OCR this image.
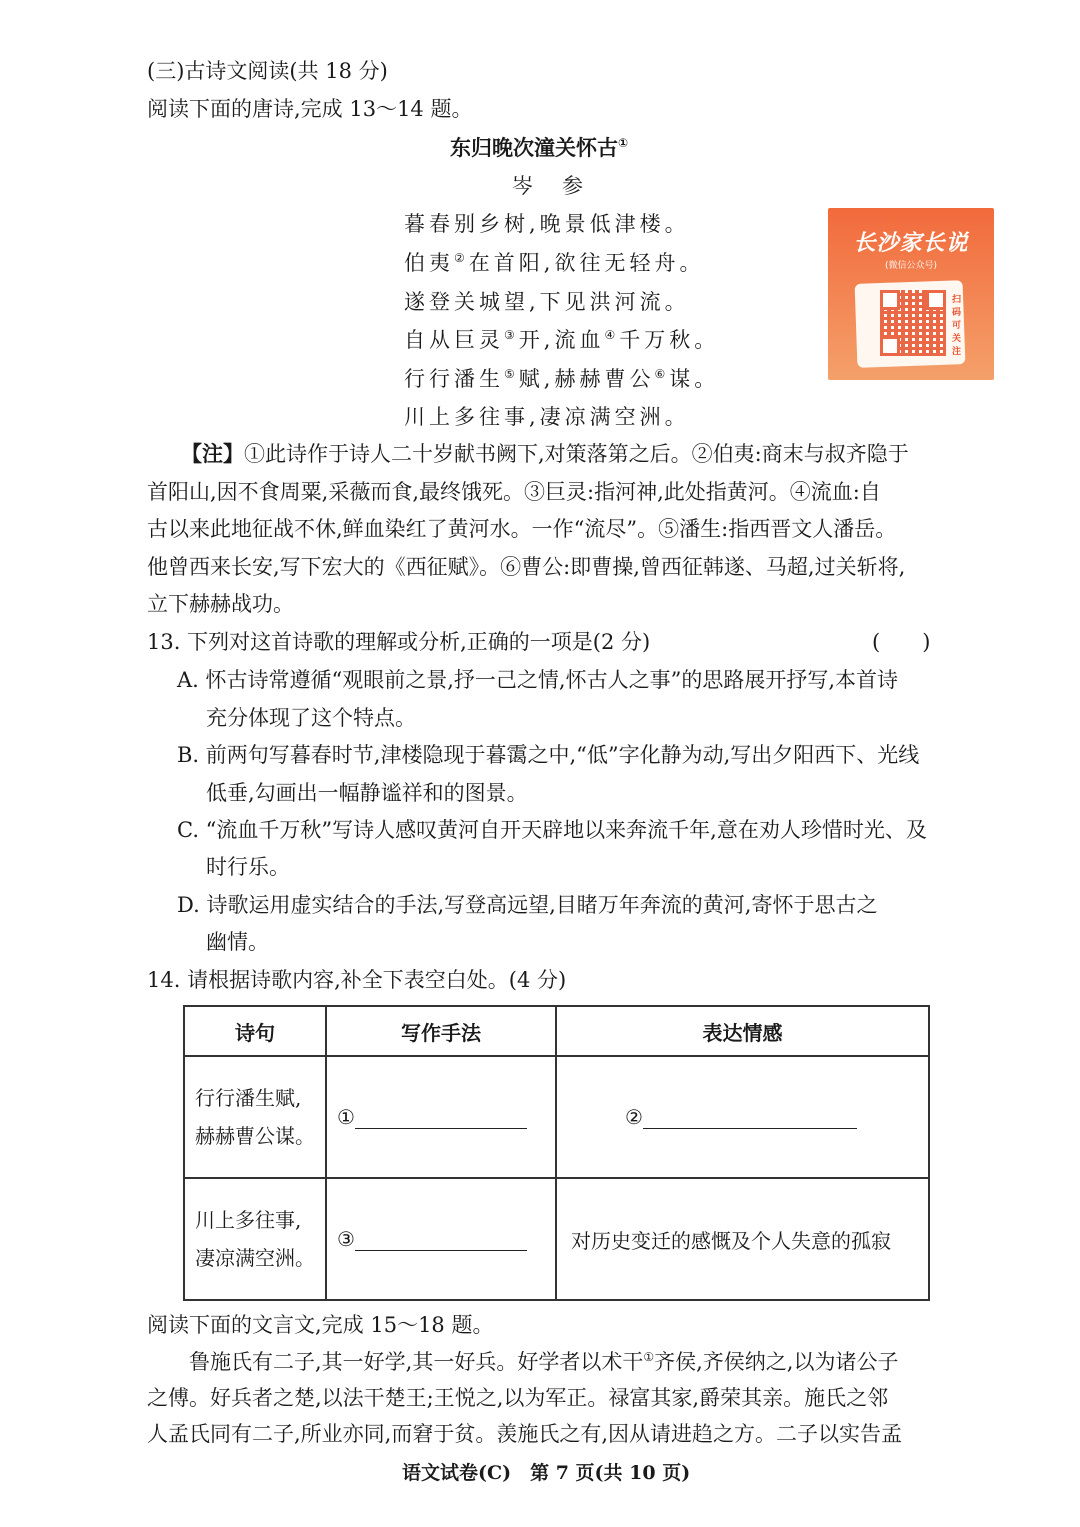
(三)古诗文阅读(共 18 分)
阅读下面的唐诗,完成 13～14 题。
东归晚次潼关怀古①
岑　参
暮春别乡树,晚景低津楼。
伯夷②在首阳,欲往无轻舟。
遂登关城望,下见洪河流。
自从巨灵③开,流血④千万秋。
行行潘生⑤赋,赫赫曹公⑥谋。
川上多往事,凄凉满空洲。
长沙家长说
(微信公众号)
扫码可关注
【注】①此诗作于诗人二十岁献书阙下,对策落第之后。②伯夷:商末与叔齐隐于
首阳山,因不食周粟,采薇而食,最终饿死。③巨灵:指河神,此处指黄河。④流血:自
古以来此地征战不休,鲜血染红了黄河水。一作“流尽”。⑤潘生:指西晋文人潘岳。
他曾西来长安,写下宏大的《西征赋》。⑥曹公:即曹操,曾西征韩遂、马超,过关斩将,
立下赫赫战功。
13. 下列对这首诗歌的理解或分析,正确的一项是(2 分)	(　　)
A. 怀古诗常遵循“观眼前之景,抒一己之情,怀古人之事”的思路展开抒写,本首诗
充分体现了这个特点。
B. 前两句写暮春时节,津楼隐现于暮霭之中,“低”字化静为动,写出夕阳西下、光线
低垂,勾画出一幅静谧祥和的图景。
C. “流血千万秋”写诗人感叹黄河自开天辟地以来奔流千年,意在劝人珍惜时光、及
时行乐。
D. 诗歌运用虚实结合的手法,写登高远望,目睹万年奔流的黄河,寄怀于思古之
幽情。
14. 请根据诗歌内容,补全下表空白处。(4 分)
诗句	写作手法	表达情感

行行潘生赋,
赫赫曹公谋。	①	②

川上多往事,
凄凉满空洲。	③	对历史变迁的感慨及个人失意的孤寂
阅读下面的文言文,完成 15～18 题。
鲁施氏有二子,其一好学,其一好兵。好学者以术干①齐侯,齐侯纳之,以为诸公子
之傅。好兵者之楚,以法干楚王;王悦之,以为军正。禄富其家,爵荣其亲。施氏之邻
人孟氏同有二子,所业亦同,而窘于贫。羡施氏之有,因从请进趋之方。二子以实告孟
语文试卷(C)　第 7 页(共 10 页)
